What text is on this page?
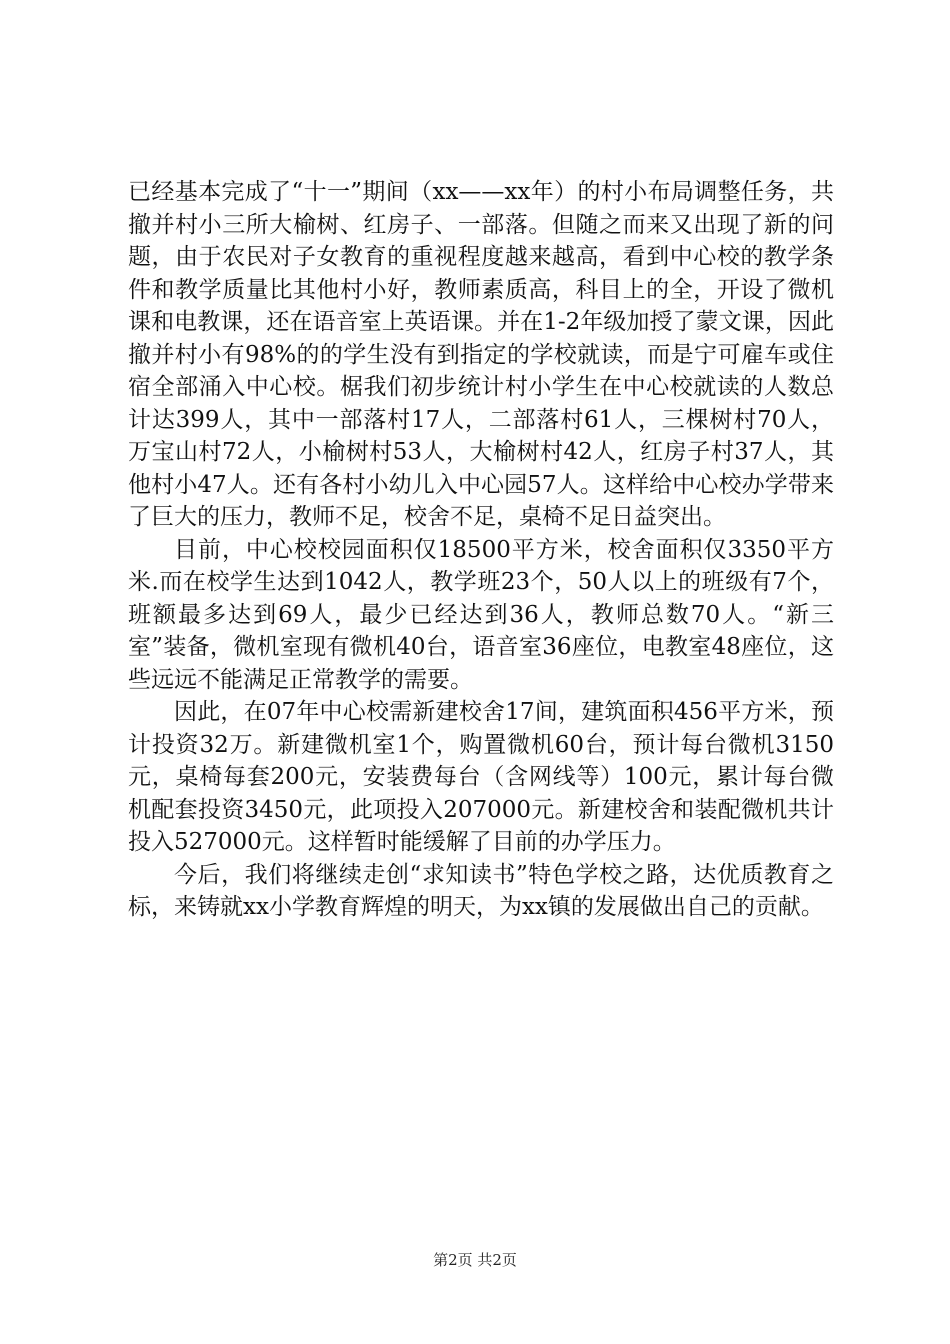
已经基本完成了“十一”期间（xx——xx年）的村小布局调整任务，共撤并村小三所大榆树、红房子、一部落。但随之而来又出现了新的问题，由于农民对子女教育的重视程度越来越高，看到中心校的教学条件和教学质量比其他村小好，教师素质高，科目上的全，开设了微机课和电教课，还在语音室上英语课。并在1-2年级加授了蒙文课，因此撤并村小有98%的的学生没有到指定的学校就读，而是宁可雇车或住宿全部涌入中心校。椐我们初步统计村小学生在中心校就读的人数总计达399人，其中一部落村17人，二部落村61人，三棵树村70人，万宝山村72人，小榆树村53人，大榆树村42人，红房子村37人，其他村小47人。还有各村小幼儿入中心园57人。这样给中心校办学带来了巨大的压力，教师不足，校舍不足，桌椅不足日益突出。

目前，中心校校园面积仅18500平方米，校舍面积仅3350平方米.而在校学生达到1042人，教学班23个，50人以上的班级有7个，班额最多达到69人，最少已经达到36人，教师总数70人。“新三室”装备，微机室现有微机40台，语音室36座位，电教室48座位，这些远远不能满足正常教学的需要。

因此，在07年中心校需新建校舍17间，建筑面积456平方米，预计投资32万。新建微机室1个，购置微机60台，预计每台微机3150元，桌椅每套200元，安装费每台（含网线等）100元，累计每台微机配套投资3450元，此项投入207000元。新建校舍和装配微机共计投入527000元。这样暂时能缓解了目前的办学压力。

今后，我们将继续走创“求知读书”特色学校之路，达优质教育之标，来铸就xx小学教育辉煌的明天，为xx镇的发展做出自己的贡献。

第2页 共2页
